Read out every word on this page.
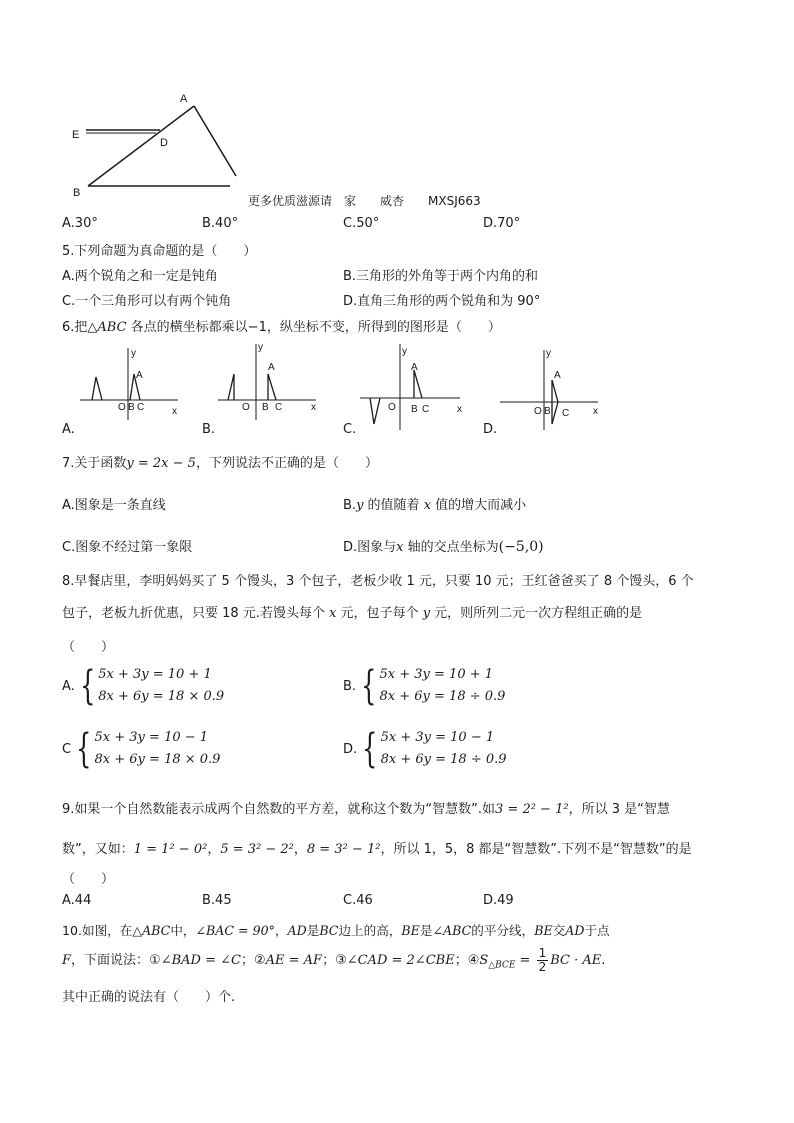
A
E
D
B
更多优质滋源请　家　　威杏　　MXSJ663
A.30°	B.40°	C.50°	D.70°
5.下列命题为真命题的是（　　）
A.两个锐角之和一定是钝角	B.三角形的外角等于两个内角的和
C.一个三角形可以有两个钝角	D.直角三角形的两个锐角和为 90°
6.把△ABC 各点的横坐标都乘以−1，纵坐标不变，所得到的图形是（　　）
y
O
A
B C	x
A.
y
O
A
B C	x
B.
y
O
A
B C	x
C.
y
O
A
B C x
D.
7.关于函数y = 2x − 5，下列说法不正确的是（　　）
A.图象是一条直线	B.y 的值随着 x 值的增大而减小
C.图象不经过第一象限	D.图象与x 轴的交点坐标为(−5,0)
8.早餐店里，李明妈妈买了 5 个馒头，3 个包子，老板少收 1 元，只要 10 元；王红爸爸买了 8 个馒头，6 个
包子，老板九折优惠，只要 18 元.若馒头每个 x 元，包子每个 y 元，则所列二元一次方程组正确的是
（　　）
A. { 5x + 3y = 10 + 1
8x + 6y = 18 × 0.9
B. { 5x + 3y = 10 + 1
8x + 6y = 18 ÷ 0.9
C { 5x + 3y = 10 − 1
8x + 6y = 18 × 0.9
D. { 5x + 3y = 10 − 1
8x + 6y = 18 ÷ 0.9
9.如果一个自然数能表示成两个自然数的平方差，就称这个数为“智慧数”.如3 = 2² − 1²，所以 3 是“智慧
数”，又如：1 = 1² − 0²，5 = 3² − 2²，8 = 3² − 1²，所以 1，5，8 都是“智慧数”.下列不是“智慧数”的是
（　　）
A.44	B.45	C.46	D.49
10.如图，在△ABC中，∠BAC = 90°，AD是BC边上的高，BE是∠ABC的平分线，BE交AD于点
F，下面说法：①∠BAD = ∠C；②AE = AF；③∠CAD = 2∠CBE；$④S_{\triangle BCE} = \frac{1}{2}$ BC · AE.
其中正确的说法有（　　）个.
